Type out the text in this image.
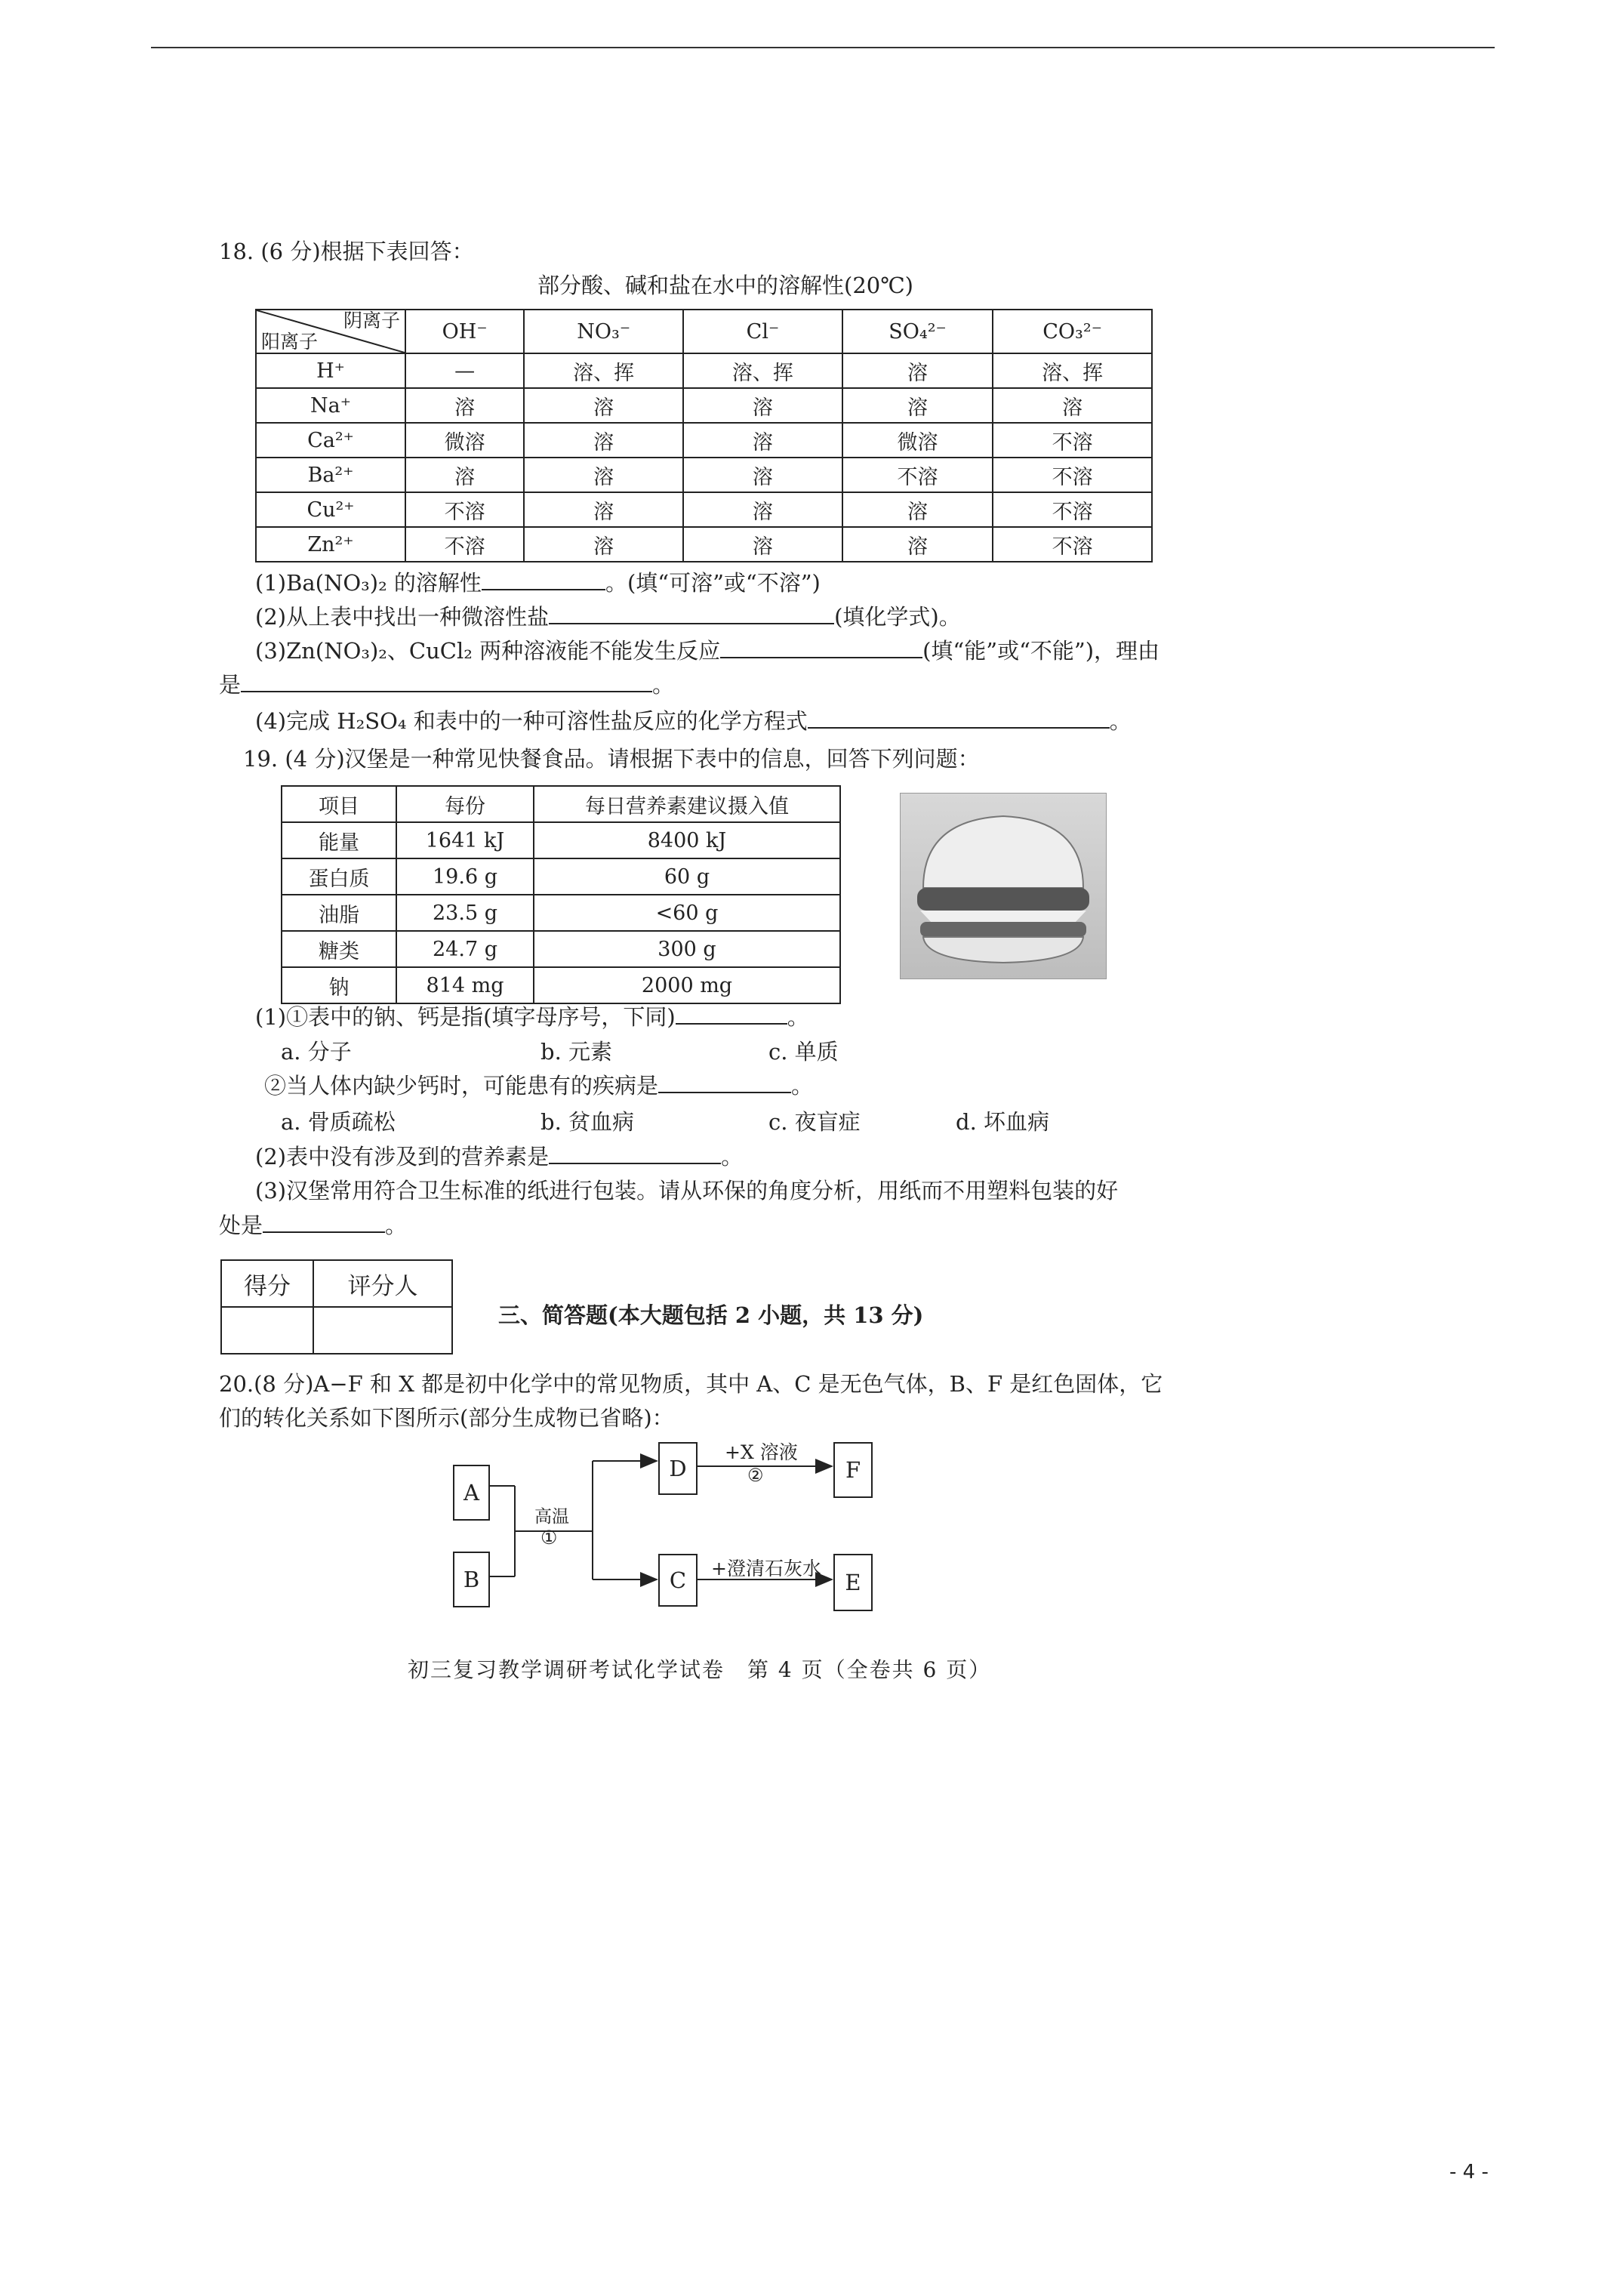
18. (6 分)根据下表回答：
部分酸、碱和盐在水中的溶解性(20℃)
阴离子
阳离子	OH⁻	NO₃⁻	Cl⁻	SO₄²⁻	CO₃²⁻
H⁺	—	溶、挥	溶、挥	溶	溶、挥
Na⁺	溶	溶	溶	溶	溶
Ca²⁺	微溶	溶	溶	微溶	不溶
Ba²⁺	溶	溶	溶	不溶	不溶
Cu²⁺	不溶	溶	溶	溶	不溶
Zn²⁺	不溶	溶	溶	溶	不溶
(1)Ba(NO₃)₂ 的溶解性	。(填“可溶”或“不溶”)
(2)从上表中找出一种微溶性盐	(填化学式)。
(3)Zn(NO₃)₂、CuCl₂ 两种溶液能不能发生反应	(填“能”或“不能”)，理由
是	。
(4)完成 H₂SO₄ 和表中的一种可溶性盐反应的化学方程式	。
19. (4 分)汉堡是一种常见快餐食品。请根据下表中的信息，回答下列问题：
项目	每份	每日营养素建议摄入值
能量	1641 kJ	8400 kJ
蛋白质	19.6 g	60 g
油脂	23.5 g	<60 g
糖类	24.7 g	300 g
钠	814 mg	2000 mg
(1)①表中的钠、钙是指(填字母序号，下同)	。
a. 分子	b. 元素	c. 单质
②当人体内缺少钙时，可能患有的疾病是	。
a. 骨质疏松	b. 贫血病	c. 夜盲症	d. 坏血病
(2)表中没有涉及到的营养素是	。
(3)汉堡常用符合卫生标准的纸进行包装。请从环保的角度分析，用纸而不用塑料包装的好
处是	。
得分	评分人

三、简答题(本大题包括 2 小题，共 13 分)
20.(8 分)A−F 和 X 都是初中化学中的常见物质，其中 A、C 是无色气体，B、F 是红色固体，它
们的转化关系如下图所示(部分生成物已省略)：
A
B
D
C
F
E
高温
①
+X 溶液
②
+澄清石灰水
初三复习教学调研考试化学试卷　第 4 页（全卷共 6 页）
- 4 -
